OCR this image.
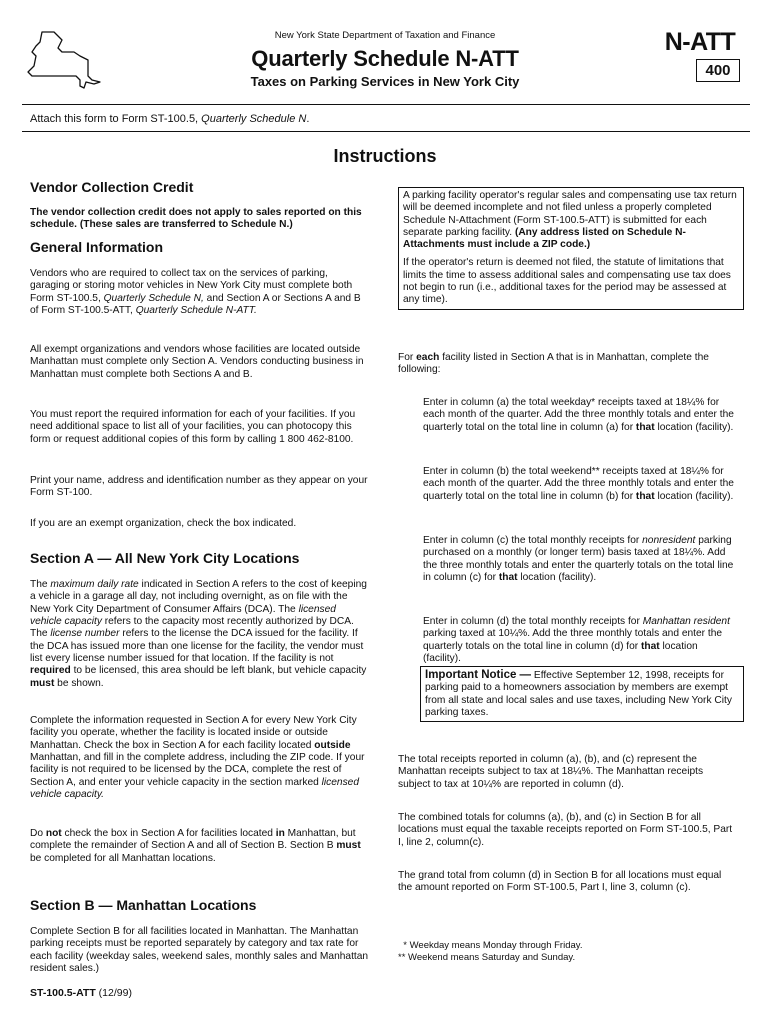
New York State Department of Taxation and Finance
Quarterly Schedule N-ATT
Taxes on Parking Services in New York City
N-ATT
400
Attach this form to Form ST-100.5, Quarterly Schedule N.
Instructions
Vendor Collection Credit

The vendor collection credit does not apply to sales reported on this schedule. (These sales are transferred to Schedule N.)

General Information

Vendors who are required to collect tax on the services of parking, garaging or storing motor vehicles in New York City must complete both Form ST-100.5, Quarterly Schedule N, and Section A or Sections A and B of Form ST-100.5-ATT, Quarterly Schedule N-ATT.

All exempt organizations and vendors whose facilities are located outside Manhattan must complete only Section A. Vendors conducting business in Manhattan must complete both Sections A and B.

You must report the required information for each of your facilities. If you need additional space to list all of your facilities, you can photocopy this form or request additional copies of this form by calling 1 800 462-8100.

Print your name, address and identification number as they appear on your Form ST-100.

If you are an exempt organization, check the box indicated.

Section A — All New York City Locations

The maximum daily rate indicated in Section A refers to the cost of keeping a vehicle in a garage all day, not including overnight, as on file with the New York City Department of Consumer Affairs (DCA). The licensed vehicle capacity refers to the capacity most recently authorized by DCA. The license number refers to the license the DCA issued for the facility. If the DCA has issued more than one license for the facility, the vendor must list every license number issued for that location. If the facility is not required to be licensed, this area should be left blank, but vehicle capacity must be shown.

Complete the information requested in Section A for every New York City facility you operate, whether the facility is located inside or outside Manhattan. Check the box in Section A for each facility located outside Manhattan, and fill in the complete address, including the ZIP code. If your facility is not required to be licensed by the DCA, complete the rest of Section A, and enter your vehicle capacity in the section marked licensed vehicle capacity.

Do not check the box in Section A for facilities located in Manhattan, but complete the remainder of Section A and all of Section B. Section B must be completed for all Manhattan locations.

Section B — Manhattan Locations

Complete Section B for all facilities located in Manhattan. The Manhattan parking receipts must be reported separately by category and tax rate for each facility (weekday sales, weekend sales, monthly sales and Manhattan resident sales.)

ST-100.5-ATT (12/99)

A parking facility operator's regular sales and compensating use tax return will be deemed incomplete and not filed unless a properly completed Schedule N-Attachment (Form ST-100.5-ATT) is submitted for each separate parking facility. (Any address listed on Schedule N-Attachments must include a ZIP code.)

If the operator's return is deemed not filed, the statute of limitations that limits the time to assess additional sales and compensating use tax does not begin to run (i.e., additional taxes for the period may be assessed at any time).

For each facility listed in Section A that is in Manhattan, complete the following:

Enter in column (a) the total weekday* receipts taxed at 18¼% for each month of the quarter. Add the three monthly totals and enter the quarterly total on the total line in column (a) for that location (facility).

Enter in column (b) the total weekend** receipts taxed at 18¼% for each month of the quarter. Add the three monthly totals and enter the quarterly total on the total line in column (b) for that location (facility).

Enter in column (c) the total monthly receipts for nonresident parking purchased on a monthly (or longer term) basis taxed at 18¼%. Add the three monthly totals and enter the quarterly totals on the total line in column (c) for that location (facility).

Enter in column (d) the total monthly receipts for Manhattan resident parking taxed at 10¼%. Add the three monthly totals and enter the quarterly totals on the total line in column (d) for that location (facility).

Important Notice — Effective September 12, 1998, receipts for parking paid to a homeowners association by members are exempt from all state and local sales and use taxes, including New York City parking taxes.

The total receipts reported in column (a), (b), and (c) represent the Manhattan receipts subject to tax at 18¼%. The Manhattan receipts subject to tax at 10¼% are reported in column (d).

The combined totals for columns (a), (b), and (c) in Section B for all locations must equal the taxable receipts reported on Form ST-100.5, Part I, line 2, column(c).

The grand total from column (d) in Section B for all locations must equal the amount reported on Form ST-100.5, Part I, line 3, column (c).

* Weekday means Monday through Friday.
** Weekend means Saturday and Sunday.
